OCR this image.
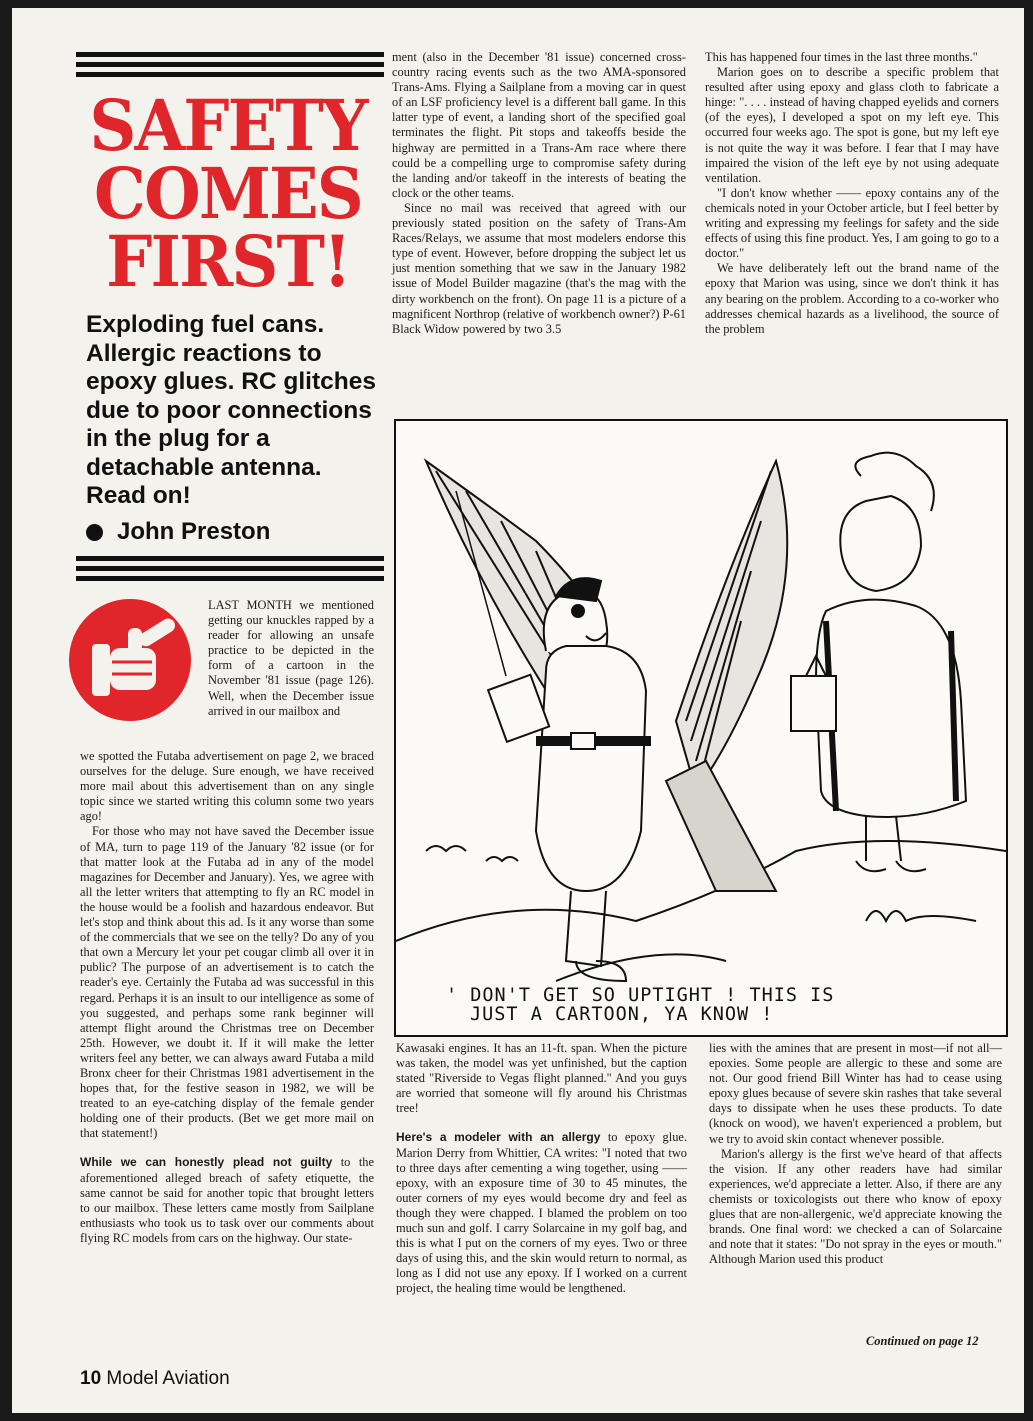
SAFETY
COMES
FIRST!
Exploding fuel cans. Allergic reactions to epoxy glues. RC glitches due to poor connections in the plug for a detachable antenna. Read on!
John Preston
LAST MONTH we mentioned getting our knuckles rapped by a reader for allowing an unsafe practice to be depicted in the form of a cartoon in the November '81 issue (page 126). Well, when the December issue arrived in our mailbox and

we spotted the Futaba advertisement on page 2, we braced ourselves for the deluge. Sure enough, we have received more mail about this advertisement than on any single topic since we started writing this column some two years ago!

For those who may not have saved the December issue of MA, turn to page 119 of the January '82 issue (or for that matter look at the Futaba ad in any of the model magazines for December and January). Yes, we agree with all the letter writers that attempting to fly an RC model in the house would be a foolish and hazardous endeavor. But let's stop and think about this ad. Is it any worse than some of the commercials that we see on the telly? Do any of you that own a Mercury let your pet cougar climb all over it in public? The purpose of an advertisement is to catch the reader's eye. Certainly the Futaba ad was successful in this regard. Perhaps it is an insult to our intelligence as some of you suggested, and perhaps some rank beginner will attempt flight around the Christmas tree on December 25th. However, we doubt it. If it will make the letter writers feel any better, we can always award Futaba a mild Bronx cheer for their Christmas 1981 advertisement in the hopes that, for the festive season in 1982, we will be treated to an eye-catching display of the female gender holding one of their products. (Bet we get more mail on that statement!)

While we can honestly plead not guilty to the aforementioned alleged breach of safety etiquette, the same cannot be said for another topic that brought letters to our mailbox. These letters came mostly from Sailplane enthusiasts who took us to task over our comments about flying RC models from cars on the highway. Our state-

ment (also in the December '81 issue) concerned cross-country racing events such as the two AMA-sponsored Trans-Ams. Flying a Sailplane from a moving car in quest of an LSF proficiency level is a different ball game. In this latter type of event, a landing short of the specified goal terminates the flight. Pit stops and takeoffs beside the highway are permitted in a Trans-Am race where there could be a compelling urge to compromise safety during the landing and/or takeoff in the interests of beating the clock or the other teams.

Since no mail was received that agreed with our previously stated position on the safety of Trans-Am Races/Relays, we assume that most modelers endorse this type of event. However, before dropping the subject let us just mention something that we saw in the January 1982 issue of Model Builder magazine (that's the mag with the dirty workbench on the front). On page 11 is a picture of a magnificent Northrop (relative of workbench owner?) P-61 Black Widow powered by two 3.5

This has happened four times in the last three months."

Marion goes on to describe a specific problem that resulted after using epoxy and glass cloth to fabricate a hinge: ". . . . instead of having chapped eyelids and corners (of the eyes), I developed a spot on my left eye. This occurred four weeks ago. The spot is gone, but my left eye is not quite the way it was before. I fear that I may have impaired the vision of the left eye by not using adequate ventilation.

"I don't know whether —— epoxy contains any of the chemicals noted in your October article, but I feel better by writing and expressing my feelings for safety and the side effects of using this fine product. Yes, I am going to go to a doctor."

We have deliberately left out the brand name of the epoxy that Marion was using, since we don't think it has any bearing on the problem. According to a co-worker who addresses chemical hazards as a livelihood, the source of the problem

' DON'T GET SO UPTIGHT ! THIS IS
JUST A CARTOON, YA KNOW !

Kawasaki engines. It has an 11-ft. span. When the picture was taken, the model was yet unfinished, but the caption stated "Riverside to Vegas flight planned." And you guys are worried that someone will fly around his Christmas tree!

Here's a modeler with an allergy to epoxy glue. Marion Derry from Whittier, CA writes: "I noted that two to three days after cementing a wing together, using —— epoxy, with an exposure time of 30 to 45 minutes, the outer corners of my eyes would become dry and feel as though they were chapped. I blamed the problem on too much sun and golf. I carry Solarcaine in my golf bag, and this is what I put on the corners of my eyes. Two or three days of using this, and the skin would return to normal, as long as I did not use any epoxy. If I worked on a current project, the healing time would be lengthened.

lies with the amines that are present in most—if not all—epoxies. Some people are allergic to these and some are not. Our good friend Bill Winter has had to cease using epoxy glues because of severe skin rashes that take several days to dissipate when he uses these products. To date (knock on wood), we haven't experienced a problem, but we try to avoid skin contact whenever possible.

Marion's allergy is the first we've heard of that affects the vision. If any other readers have had similar experiences, we'd appreciate a letter. Also, if there are any chemists or toxicologists out there who know of epoxy glues that are non-allergenic, we'd appreciate knowing the brands. One final word: we checked a can of Solarcaine and note that it states: "Do not spray in the eyes or mouth." Although Marion used this product

Continued on page 12
10 Model Aviation
